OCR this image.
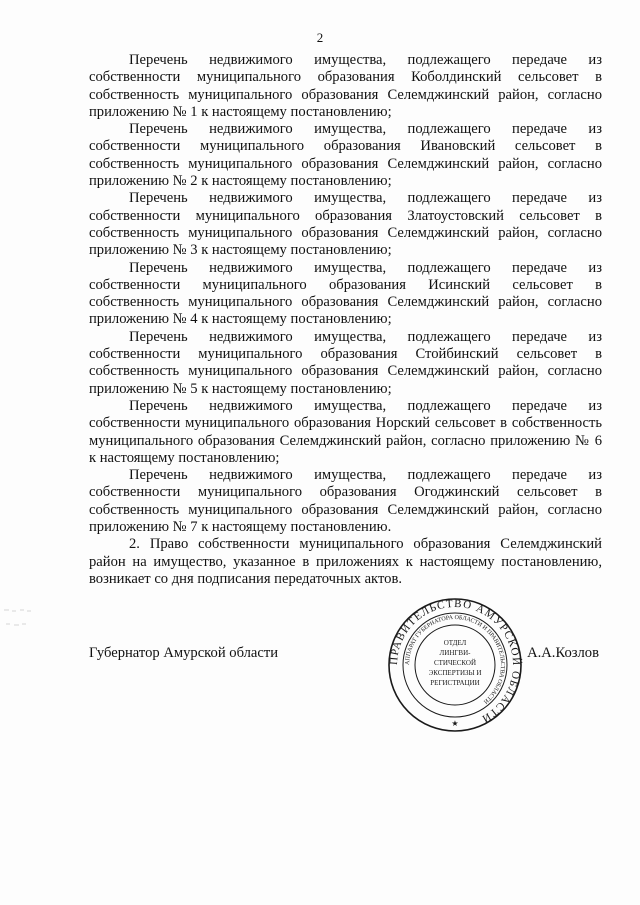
2

Перечень недвижимого имущества, подлежащего передаче из собственности муниципального образования Коболдинский сельсовет в собственность муниципального образования Селемджинский район, согласно приложению № 1 к настоящему постановлению;

Перечень недвижимого имущества, подлежащего передаче из собственности муниципального образования Ивановский сельсовет в собственность муниципального образования Селемджинский район, согласно приложению № 2 к настоящему постановлению;

Перечень недвижимого имущества, подлежащего передаче из собственности муниципального образования Златоустовский сельсовет в собственность муниципального образования Селемджинский район, согласно приложению № 3 к настоящему постановлению;

Перечень недвижимого имущества, подлежащего передаче из собственности муниципального образования Исинский сельсовет в собственность муниципального образования Селемджинский район, согласно приложению № 4 к настоящему постановлению;

Перечень недвижимого имущества, подлежащего передаче из собственности муниципального образования Стойбинский сельсовет в собственность муниципального образования Селемджинский район, согласно приложению № 5 к настоящему постановлению;

Перечень недвижимого имущества, подлежащего передаче из собственности муниципального образования Норский сельсовет в собственность муниципального образования Селемджинский район, согласно приложению № 6 к настоящему постановлению;

Перечень недвижимого имущества, подлежащего передаче из собственности муниципального образования Огоджинский сельсовет в собственность муниципального образования Селемджинский район, согласно приложению № 7 к настоящему постановлению.

2. Право собственности муниципального образования Селемджинский район на имущество, указанное в приложениях к настоящему постановлению, возникает со дня подписания передаточных актов.

Губернатор Амурской области	А.А.Козлов
ПРАВИТЕЛЬСТВО АМУРСКОЙ ОБЛАСТИ
АППАРАТ ГУБЕРНАТОРА ОБЛАСТИ И ПРАВИТЕЛЬСТВА ОБЛАСТИ
ОТДЕЛ
ЛИНГВИ-
СТИЧЕСКОЙ
ЭКСПЕРТИЗЫ И
РЕГИСТРАЦИИ
★
